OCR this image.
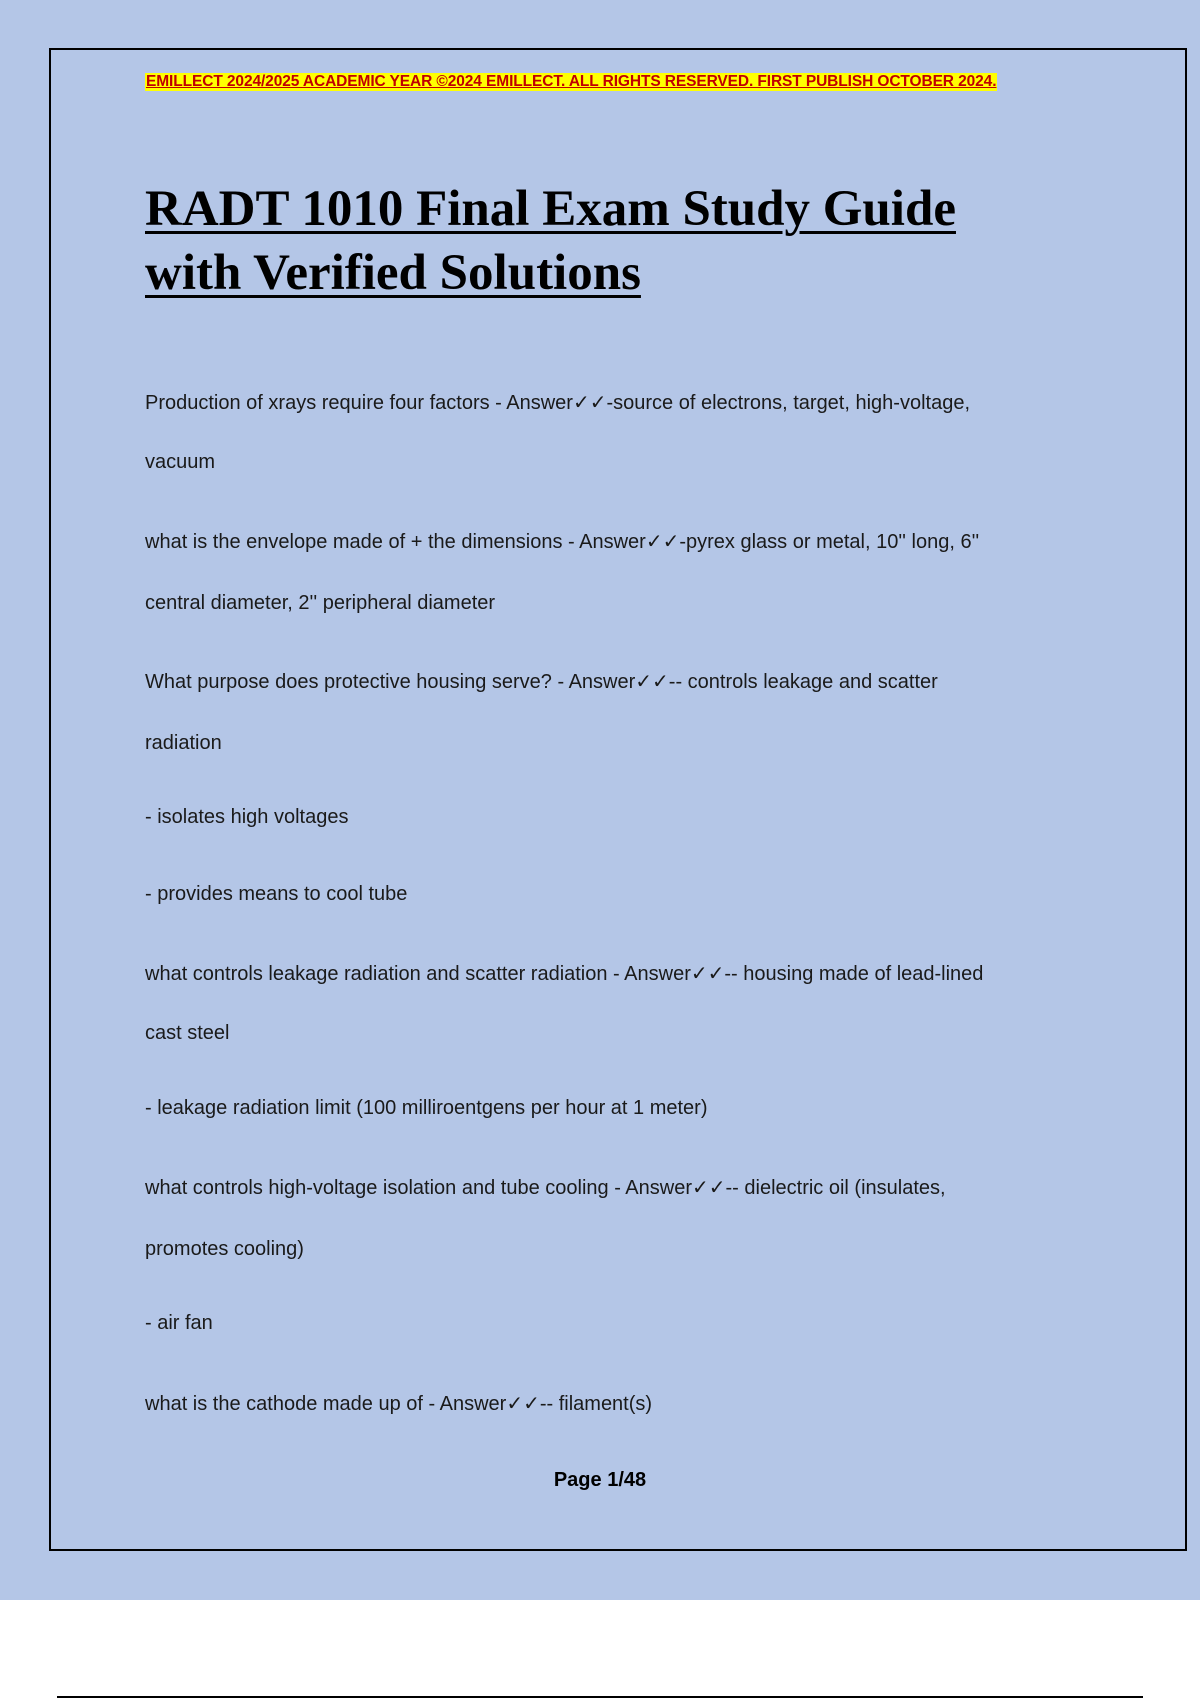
EMILLECT 2024/2025 ACADEMIC YEAR ©2024 EMILLECT. ALL RIGHTS RESERVED. FIRST PUBLISH OCTOBER 2024.
RADT 1010 Final Exam Study Guide
with Verified Solutions
Production of xrays require four factors - Answer✓✓-source of electrons, target, high-voltage,
vacuum
what is the envelope made of + the dimensions - Answer✓✓-pyrex glass or metal, 10'' long, 6''
central diameter, 2'' peripheral diameter
What purpose does protective housing serve? - Answer✓✓-- controls leakage and scatter
radiation
- isolates high voltages
- provides means to cool tube
what controls leakage radiation and scatter radiation - Answer✓✓-- housing made of lead-lined
cast steel
- leakage radiation limit (100 milliroentgens per hour at 1 meter)
what controls high-voltage isolation and tube cooling - Answer✓✓-- dielectric oil (insulates,
promotes cooling)
- air fan
what is the cathode made up of - Answer✓✓-- filament(s)
Page 1/48
